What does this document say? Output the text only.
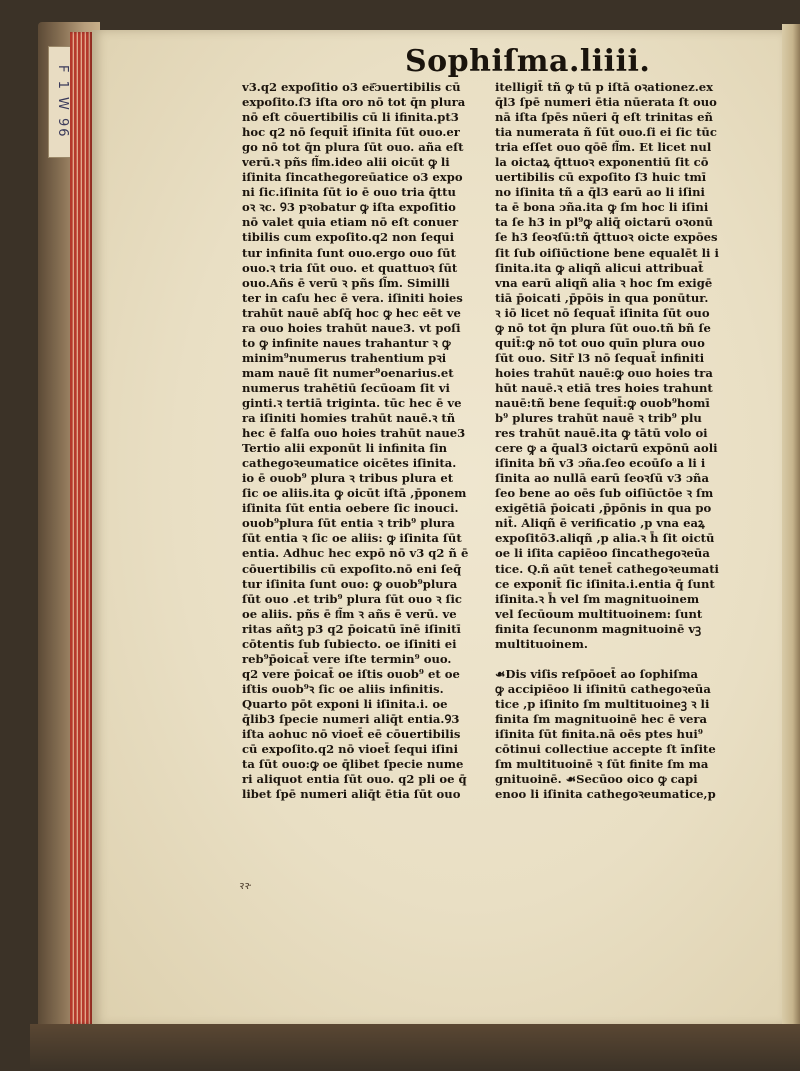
F 1 W 96
Sophiſma.liiii.
v3.q2 expoſitio o3 eē͂ɔuertibilis cū
expoſito.ſ3 iſta oro nō tot q̄n plura
nō eſt cōuertibilis cū li ifinita.pt3
hoc q2 nō ſequit̄ iſinita ſūt ouo.er
go nō tot q̄n plura ſūt ouo. aña eſt
verū.ꝛ pñs fl͂m.ideo alii oicūt ꝙ li
iſinita ſincathegoreūatice o3 expo
ni ſic.iſinita ſūt io ē ouo tria q̄ttu
oꝛ ꝛc. Ꝯ3 pꝛobatur ꝙ iſta expoſitio
nō valet quia etiam nō eſt conuer
tibilis cum expoſito.q2 non ſequi
tur infinita ſunt ouo.ergo ouo ſūt
ouo.ꝛ tria ſūt ouo. et quattuoꝛ ſūt
ouo.Añs ē verū ꝛ pñs ſl͂m. Similli
ter in caſu hec ē vera. iſiniti hoies
trahūt nauē abſq̄ hoc ꝙ hec eēt ve
ra ouo hoies trahūt naue3. vt poſi
to ꝙ infinite naues trahantur ꝛ ꝙ
minim⁹numerus trahentium pꝛi
mam nauē ſit numer⁹oenarius.et
numerus trahētiū ſecūoam ſit vi
ginti.ꝛ tertiā triginta. tūc hec ē ve
ra iſiniti homies trahūt nauē.ꝛ tñ
hec ē falſa ouo hoies trahūt naue3
Tertio alii exponūt li infinita ſin
cathegoꝛeumatice oicētes iſinita.
io ē ouob⁹ plura ꝛ tribus plura et
ſic oe aliis.ita ꝙ oicūt iſtā ,p̄ponem
iſinita ſūt entia oebere ſic inouci.
ouob⁹plura ſūt entia ꝛ trib⁹ plura
ſūt entia ꝛ ſic oe aliis: ꝙ iſinita ſūt
entia. Adhuc hec expō nō v3 q2 ñ ē
cōuertibilis cū expoſito.nō eni ſeq̄
tur iſinita ſunt ouo: ꝙ ouob⁹plura
ſūt ouo .et trib⁹ plura ſūt ouo ꝛ ſic
oe aliis. pñs ē fl͂m ꝛ añs ē verū. ve
ritas añtꝫ p3 q2 p̄oicatū īnē iſinitī
cōtentis ſub ſubiecto. oe iſiniti ei
reb⁹p̄oicat̄ vere iſte termin⁹ ouo.
q2 vere p̄oicat̄ oe iſtis ouob⁹ et oe
iſtis ouob⁹ꝛ ſic oe aliis infinitis.
Quarto pōt exponi li iſinita.i. oe
q̄lib3 ſpecie numeri aliq̄t entia.Ꝯ3
iſta aohuc nō vioet̄ eē cōuertibilis
cū expoſito.q2 nō vioet̄ ſequi iſini
ta ſūt ouo:ꝙ oe q̄libet ſpecie nume
ri aliquot entia ſūt ouo. q2 pli oe q̄
libet ſpē numeri aliq̄t ētia ſūt ouo
itelligit̄ tñ ꝙ tū p iſtā oꝛationez.ex
q̄l3 ſpē numeri ētia nūerata ſt ouo
nā iſta ſpēs nūeri q̄ eſt trinitas eñ
tia numerata ñ ſūt ouo.ſi ei ſic tūc
tria eſſet ouo qōē fl͂m. Et licet nul
la oictaꝝ q̄ttuoꝛ exponentiū ſit cō
uertibilis cū expoſito ſ3 huic tmī
no iſinita tñ a q̄l3 earū ao li iſini
ta ē bona ɔña.ita ꝙ ſm hoc li iſini
ta ſe h3 in pl⁹ꝙ aliq̄ oictarū oꝛonū
ſe h3 ſeoꝛſū:tñ q̄ttuoꝛ oicte expōes
ſit ſub oiſiūctione bene equalēt li i
ſinita.ita ꝙ aliqñ alicui attribuat̄
vna earū aliqñ alia ꝛ hoc ſm exigē
tiā p̄oicati ,p̄pōis in qua ponūtur.
ꝛ iō licet nō ſequat̄ iſinita ſūt ouo
ꝙ nō tot q̄n plura ſūt ouo.tñ bñ ſe
quit̄:ꝙ nō tot ouo quīn plura ouo
ſūt ouo. Sitr̄ l3 nō ſequat̄ infiniti
hoies trahūt nauē:ꝙ ouo hoies tra
hūt nauē.ꝛ etiā tres hoies trahunt
nauē:tñ bene ſequit̄:ꝙ ouob⁹homī
b⁹ plures trahūt nauē ꝛ trib⁹ plu
res trahūt nauē.ita ꝙ tātū volo oi
cere ꝙ a q̄ual3 oictarū expōnū aoli
iſinita bñ v3 ɔña.ſeo ecoūſo a li i
ſinita ao nullā earū ſeoꝛſū v3 ɔña
ſeo bene ao oēs ſub oiſiūctōe ꝛ ſm
exigētiā p̄oicati ,p̄pōnis in qua po
nit̄. Aliqñ ē verificatio ,p vna eaꝝ
expoſitō3.aliqñ ,p alia.ꝛ h̄ ſit oictū
oe li iſita capiēoo ſincathegoꝛeūa
tice. Q.ñ aūt tenet̄ cathegoꝛeumati
ce exponit̄ ſic iſinita.i.entia q̄ ſunt
iſinita.ꝛ h̄ vel ſm magnituoinem
vel ſecūoum multituoinem: ſunt
finita ſecunonm magnituoinē vꝫ
multituoinem.
☙Dis viſis reſpōoet̄ ao ſophiſma
ꝙ accipiēoo li iſinitū cathegoꝛeūa
tice ,p iſinito ſm multituoineꝫ ꝛ li
finita ſm magnituoinē hec ē vera
iſinita ſūt finita.nā oēs ptes hui⁹
cōtinui collectiue accepte ſt īnſite
ſm multituoinē ꝛ ſūt finite ſm ma
gnituoinē. ☙Secūoo oico ꝙ capi
enoo li iſinita cathegoꝛeumatice,p
ꝛꝛ·
